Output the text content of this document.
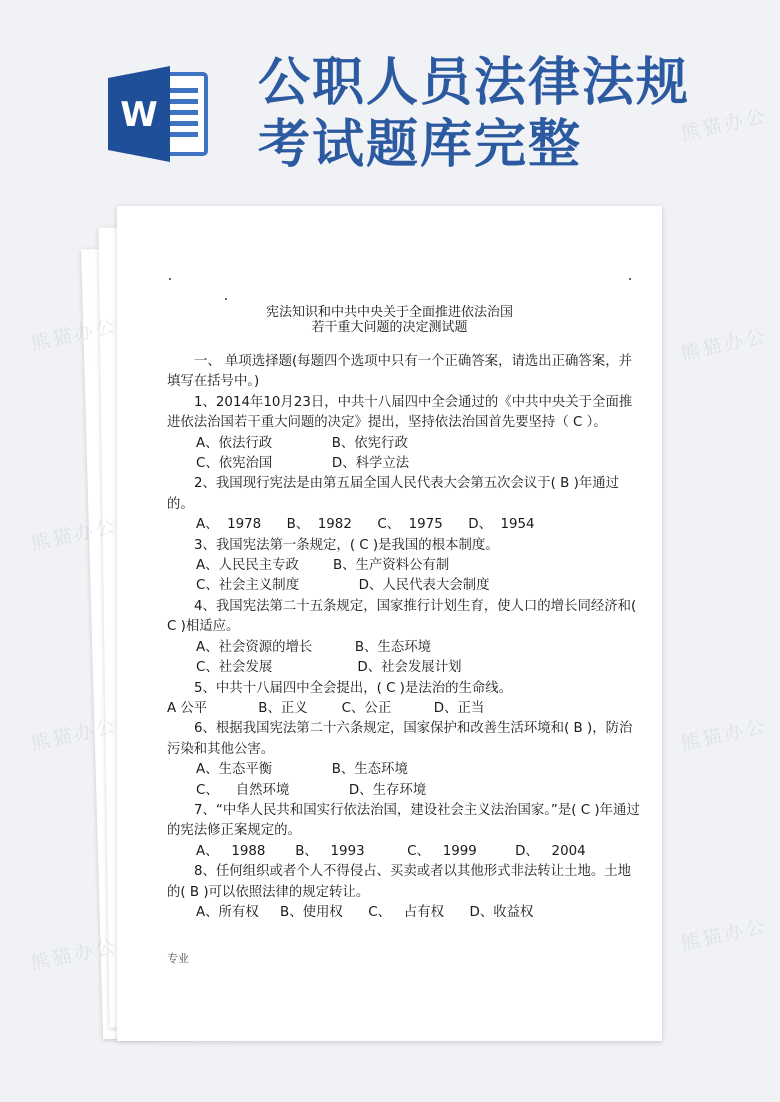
W
公职人员法律法规
考试题库完整
宪法知识和中共中央关于全面推进依法治国
若干重大问题的决定测试题

一、 单项选择题(每题四个选项中只有一个正确答案，请选出正确答案，并填写在括号中。)

1、2014年10月23日，中共十八届四中全会通过的《中共中央关于全面推进依法治国若干重大问题的决定》提出，坚持依法治国首先要坚持（ C ）。

A、依法行政              B、依宪行政

C、依宪治国              D、科学立法

2、我国现行宪法是由第五届全国人民代表大会第五次会议于( B )年通过的。

A、  1978      B、  1982      C、  1975      D、  1954

3、我国宪法第一条规定，( C )是我国的根本制度。

A、人民民主专政        B、生产资料公有制

C、社会主义制度              D、人民代表大会制度

4、我国宪法第二十五条规定，国家推行计划生育，使人口的增长同经济和( C )相适应。

A、社会资源的增长          B、生态环境

C、社会发展                    D、社会发展计划

5、中共十八届四中全会提出，( C )是法治的生命线。

A 公平            B、正义        C、公正          D、正当

6、根据我国宪法第二十六条规定，国家保护和改善生活环境和( B )，防治污染和其他公害。

A、生态平衡              B、生态环境

C、    自然环境              D、生存环境

7、“中华人民共和国实行依法治国，建设社会主义法治国家。”是( C )年通过的宪法修正案规定的。

A、   1988       B、   1993          C、   1999         D、   2004

8、任何组织或者个人不得侵占、买卖或者以其他形式非法转让土地。土地的( B )可以依照法律的规定转让。

A、所有权     B、使用权      C、   占有权      D、收益权

专业
熊猫办公
熊猫办公
熊猫办公
熊猫办公
熊猫办公	熊猫办公
熊猫办公
熊猫办公
